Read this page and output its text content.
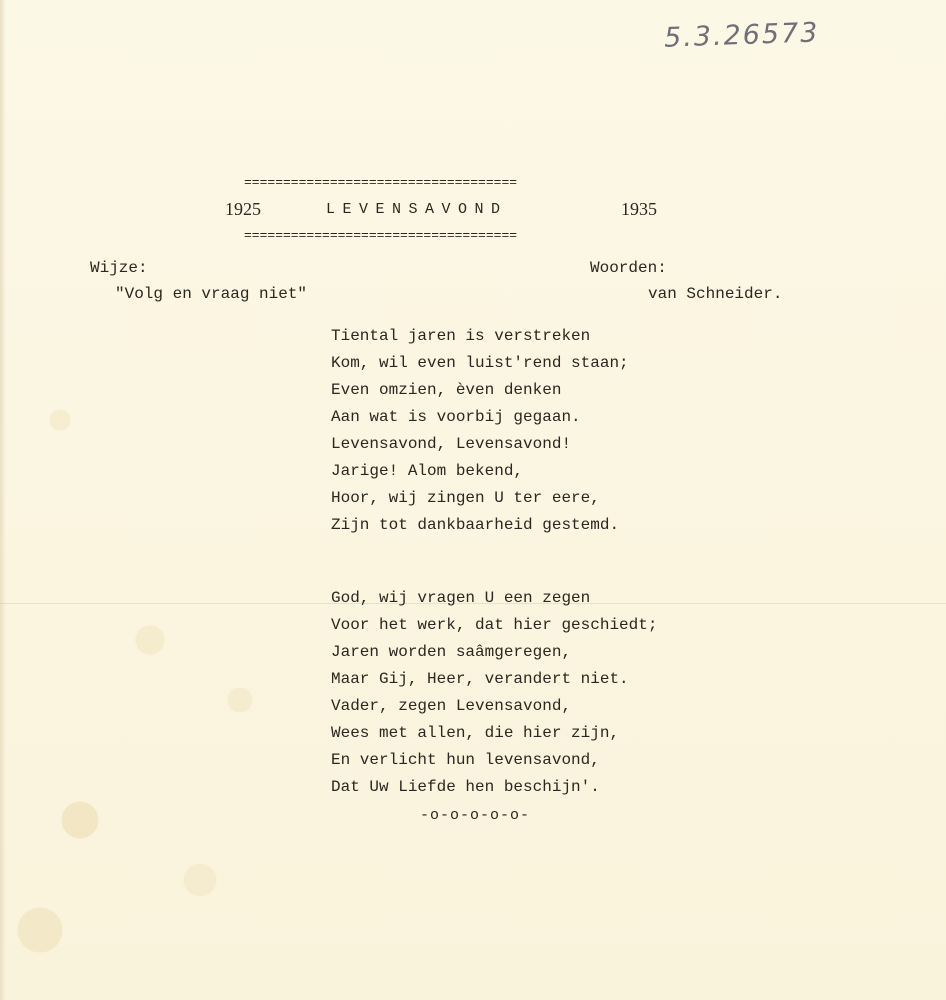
5.3.26573
===================================
1925	LEVENSAVOND	1935
===================================
Wijze:
"Volg en vraag niet"
Woorden:
van Schneider.
Tiental jaren is verstreken
Kom, wil even luist'rend staan;
Even omzien, èven denken
Aan wat is voorbij gegaan.
Levensavond, Levensavond!
Jarige! Alom bekend,
Hoor, wij zingen U ter eere,
Zijn tot dankbaarheid gestemd.
God, wij vragen U een zegen
Voor het werk, dat hier geschiedt;
Jaren worden saâmgeregen,
Maar Gij, Heer, verandert niet.
Vader, zegen Levensavond,
Wees met allen, die hier zijn,
En verlicht hun levensavond,
Dat Uw Liefde hen beschijn'.
-o-o-o-o-o-
